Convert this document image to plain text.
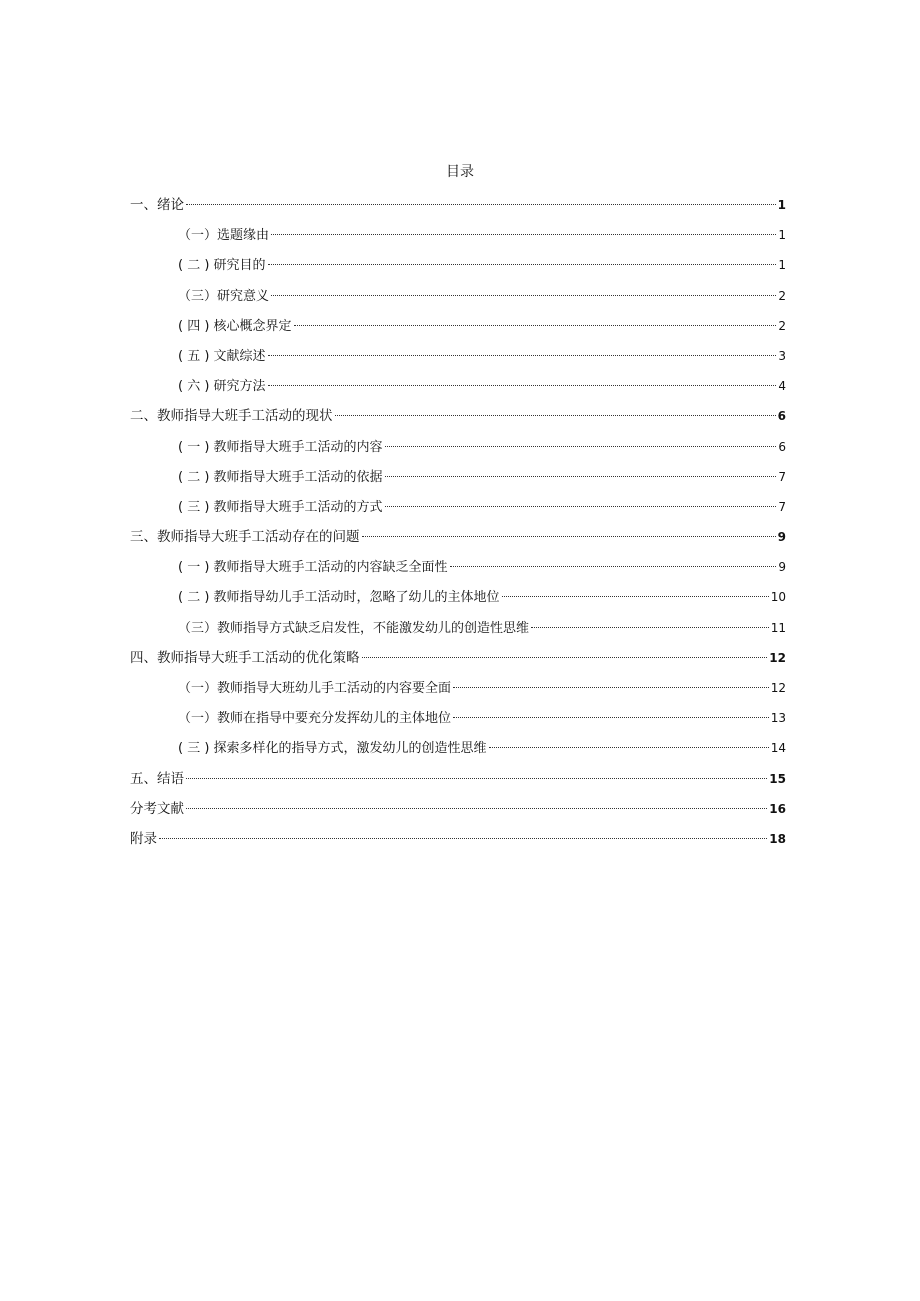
目录
一、绪论	1
（一）选题缘由	1
( 二 ) 研究目的	1
（三）研究意义	2
( 四 ) 核心概念界定	2
( 五 ) 文献综述	3
( 六 ) 研究方法	4
二、教师指导大班手工活动的现状	6
( 一 ) 教师指导大班手工活动的内容	6
( 二 ) 教师指导大班手工活动的依据	7
( 三 ) 教师指导大班手工活动的方式	7
三、教师指导大班手工活动存在的问题	9
( 一 ) 教师指导大班手工活动的内容缺乏全面性	9
( 二 ) 教师指导幼儿手工活动时，忽略了幼儿的主体地位	10
（三）教师指导方式缺乏启发性，不能激发幼儿的创造性思维	11
四、教师指导大班手工活动的优化策略	12
（一）教师指导大班幼儿手工活动的内容要全面	12
（一）教师在指导中要充分发挥幼儿的主体地位	13
( 三 ) 探索多样化的指导方式，激发幼儿的创造性思维	14
五、结语	15
分考文献	16
附录	18
